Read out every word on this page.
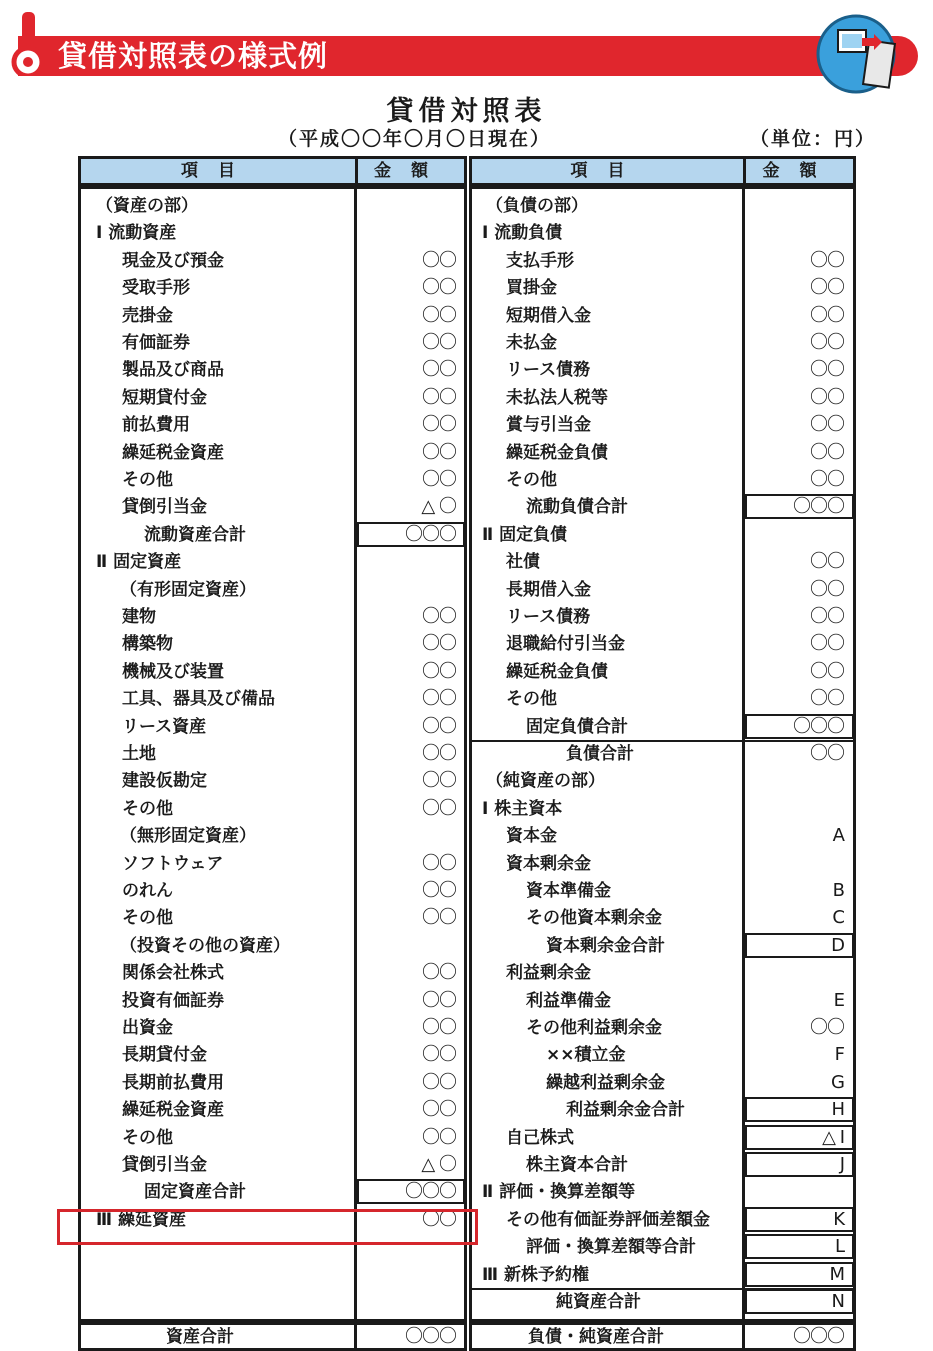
貸借対照表の様式例
貸借対照表
（平成〇〇年〇月〇日現在）	（単位：円）
項目	金額	項目	金額
（資産の部）
Ⅰ 流動資産
現金及び預金	〇〇
受取手形	〇〇
売掛金	〇〇
有価証券	〇〇
製品及び商品	〇〇
短期貸付金	〇〇
前払費用	〇〇
繰延税金資産	〇〇
その他	〇〇
貸倒引当金	△ 〇
流動資産合計	〇〇〇
Ⅱ 固定資産
（有形固定資産）
建物	〇〇
構築物	〇〇
機械及び装置	〇〇
工具、器具及び備品	〇〇
リース資産	〇〇
土地	〇〇
建設仮勘定	〇〇
その他	〇〇
（無形固定資産）
ソフトウェア	〇〇
のれん	〇〇
その他	〇〇
（投資その他の資産）
関係会社株式	〇〇
投資有価証券	〇〇
出資金	〇〇
長期貸付金	〇〇
長期前払費用	〇〇
繰延税金資産	〇〇
その他	〇〇
貸倒引当金	△ 〇
固定資産合計	〇〇〇
Ⅲ 繰延資産	〇〇
（負債の部）
Ⅰ 流動負債
支払手形	〇〇
買掛金	〇〇
短期借入金	〇〇
未払金	〇〇
リース債務	〇〇
未払法人税等	〇〇
賞与引当金	〇〇
繰延税金負債	〇〇
その他	〇〇
流動負債合計	〇〇〇
Ⅱ 固定負債
社債	〇〇
長期借入金	〇〇
リース債務	〇〇
退職給付引当金	〇〇
繰延税金負債	〇〇
その他	〇〇
固定負債合計	〇〇〇
負債合計	〇〇
（純資産の部）
Ⅰ 株主資本
資本金	A
資本剰余金
資本準備金	B
その他資本剰余金	C
資本剰余金合計	D
利益剰余金
利益準備金	E
その他利益剰余金	〇〇
××積立金	F
繰越利益剰余金	G
利益剰余金合計	H
自己株式	△ I
株主資本合計	J
Ⅱ 評価・換算差額等
その他有価証券評価差額金	K
評価・換算差額等合計	L
Ⅲ 新株予約権	M
純資産合計	N
資産合計	〇〇〇	負債・純資産合計	〇〇〇
